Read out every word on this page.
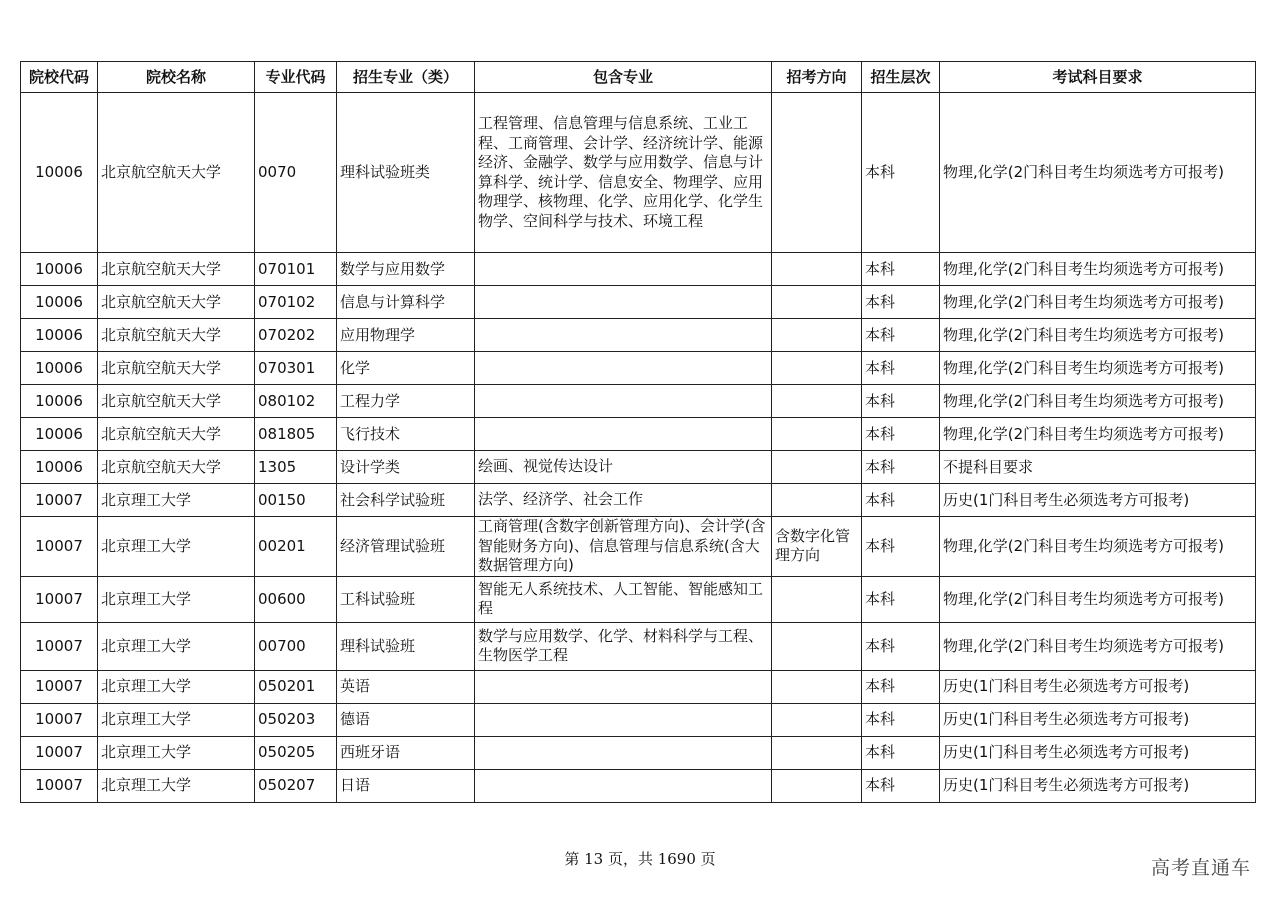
院校代码	院校名称	专业代码	招生专业（类）	包含专业	招考方向	招生层次	考试科目要求
10006	北京航空航天大学	0070	理科试验班类	工程管理、信息管理与信息系统、工业工程、工商管理、会计学、经济统计学、能源经济、金融学、数学与应用数学、信息与计算科学、统计学、信息安全、物理学、应用物理学、核物理、化学、应用化学、化学生物学、空间科学与技术、环境工程		本科	物理,化学(2门科目考生均须选考方可报考)
10006	北京航空航天大学	070101	数学与应用数学			本科	物理,化学(2门科目考生均须选考方可报考)
10006	北京航空航天大学	070102	信息与计算科学			本科	物理,化学(2门科目考生均须选考方可报考)
10006	北京航空航天大学	070202	应用物理学			本科	物理,化学(2门科目考生均须选考方可报考)
10006	北京航空航天大学	070301	化学			本科	物理,化学(2门科目考生均须选考方可报考)
10006	北京航空航天大学	080102	工程力学			本科	物理,化学(2门科目考生均须选考方可报考)
10006	北京航空航天大学	081805	飞行技术			本科	物理,化学(2门科目考生均须选考方可报考)
10006	北京航空航天大学	1305	设计学类	绘画、视觉传达设计		本科	不提科目要求
10007	北京理工大学	00150	社会科学试验班	法学、经济学、社会工作		本科	历史(1门科目考生必须选考方可报考)
10007	北京理工大学	00201	经济管理试验班	工商管理(含数字创新管理方向)、会计学(含智能财务方向)、信息管理与信息系统(含大数据管理方向)	含数字化管理方向	本科	物理,化学(2门科目考生均须选考方可报考)
10007	北京理工大学	00600	工科试验班	智能无人系统技术、人工智能、智能感知工程		本科	物理,化学(2门科目考生均须选考方可报考)
10007	北京理工大学	00700	理科试验班	数学与应用数学、化学、材料科学与工程、生物医学工程		本科	物理,化学(2门科目考生均须选考方可报考)
10007	北京理工大学	050201	英语			本科	历史(1门科目考生必须选考方可报考)
10007	北京理工大学	050203	德语			本科	历史(1门科目考生必须选考方可报考)
10007	北京理工大学	050205	西班牙语			本科	历史(1门科目考生必须选考方可报考)
10007	北京理工大学	050207	日语			本科	历史(1门科目考生必须选考方可报考)
第 13 页，共 1690 页	高考直通车
